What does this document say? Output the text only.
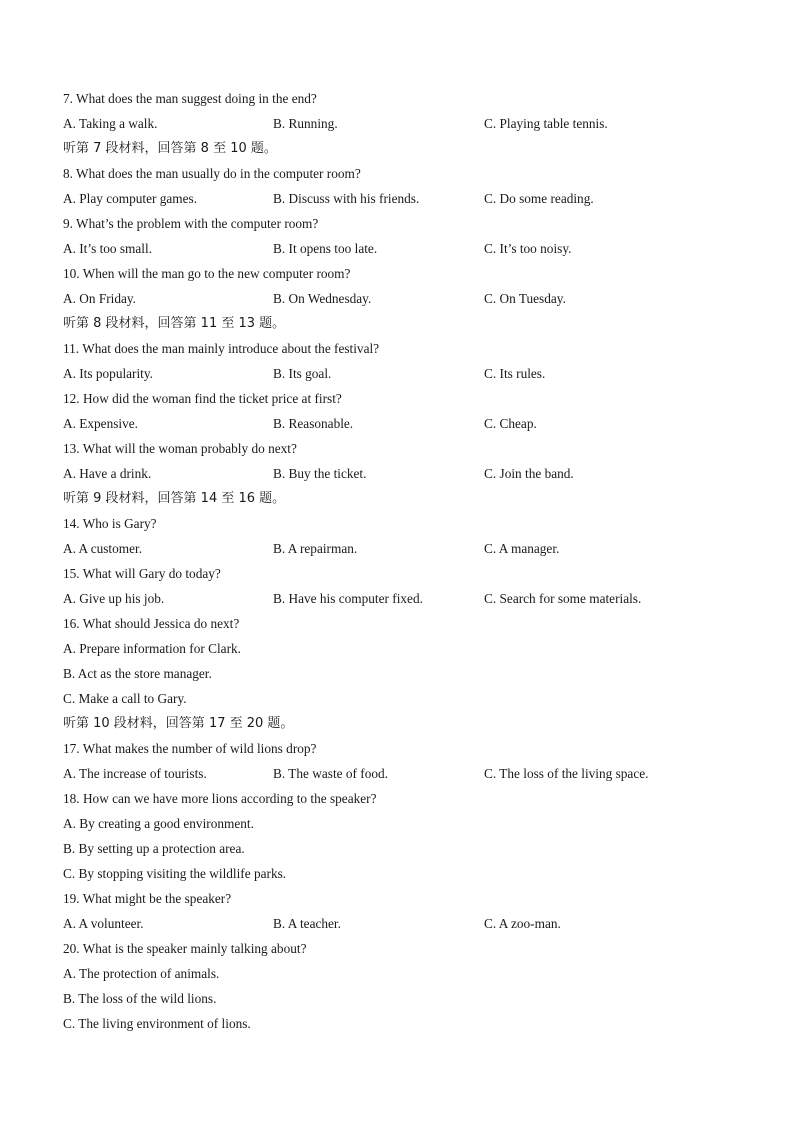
7. What does the man suggest doing in the end?
A. Taking a walk.	B. Running.	C. Playing table tennis.
听第 7 段材料，回答第 8 至 10 题。
8. What does the man usually do in the computer room?
A. Play computer games.	B. Discuss with his friends.	C. Do some reading.
9. What’s the problem with the computer room?
A. It’s too small.	B. It opens too late.	C. It’s too noisy.
10. When will the man go to the new computer room?
A. On Friday.	B. On Wednesday.	C. On Tuesday.
听第 8 段材料，回答第 11 至 13 题。
11. What does the man mainly introduce about the festival?
A. Its popularity.	B. Its goal.	C. Its rules.
12. How did the woman find the ticket price at first?
A. Expensive.	B. Reasonable.	C. Cheap.
13. What will the woman probably do next?
A. Have a drink.	B. Buy the ticket.	C. Join the band.
听第 9 段材料，回答第 14 至 16 题。
14. Who is Gary?
A. A customer.	B. A repairman.	C. A manager.
15. What will Gary do today?
A. Give up his job.	B. Have his computer fixed.	C. Search for some materials.
16. What should Jessica do next?
A. Prepare information for Clark.
B. Act as the store manager.
C. Make a call to Gary.
听第 10 段材料，回答第 17 至 20 题。
17. What makes the number of wild lions drop?
A. The increase of tourists.	B. The waste of food.	C. The loss of the living space.
18. How can we have more lions according to the speaker?
A. By creating a good environment.
B. By setting up a protection area.
C. By stopping visiting the wildlife parks.
19. What might be the speaker?
A. A volunteer.	B. A teacher.	C. A zoo-man.
20. What is the speaker mainly talking about?
A. The protection of animals.
B. The loss of the wild lions.
C. The living environment of lions.
